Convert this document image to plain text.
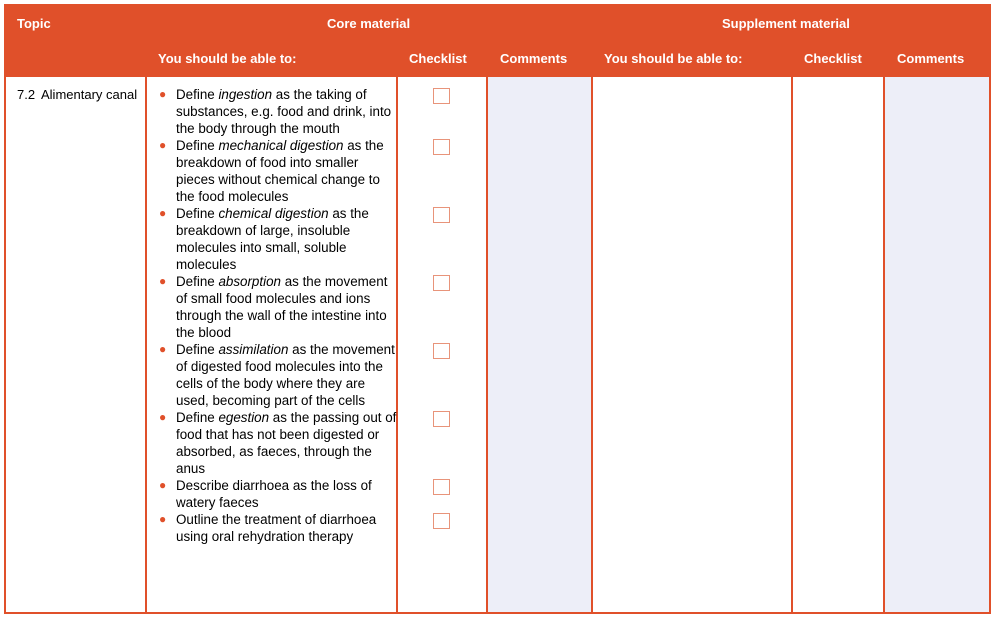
Topic	Core material	Supplement material
You should be able to:	Checklist	Comments	You should be able to:	Checklist	Comments
7.2 Alimentary canal	● Define ingestion as the taking of substances, e.g. food and drink, into the body through the mouth
● Define mechanical digestion as the breakdown of food into smaller pieces without chemical change to the food molecules
● Define chemical digestion as the breakdown of large, insoluble molecules into small, soluble molecules
● Define absorption as the movement of small food molecules and ions through the wall of the intestine into the blood
● Define assimilation as the movement of digested food molecules into the cells of the body where they are used, becoming part of the cells
● Define egestion as the passing out of food that has not been digested or absorbed, as faeces, through the anus
● Describe diarrhoea as the loss of watery faeces
● Outline the treatment of diarrhoea using oral rehydration therapy
